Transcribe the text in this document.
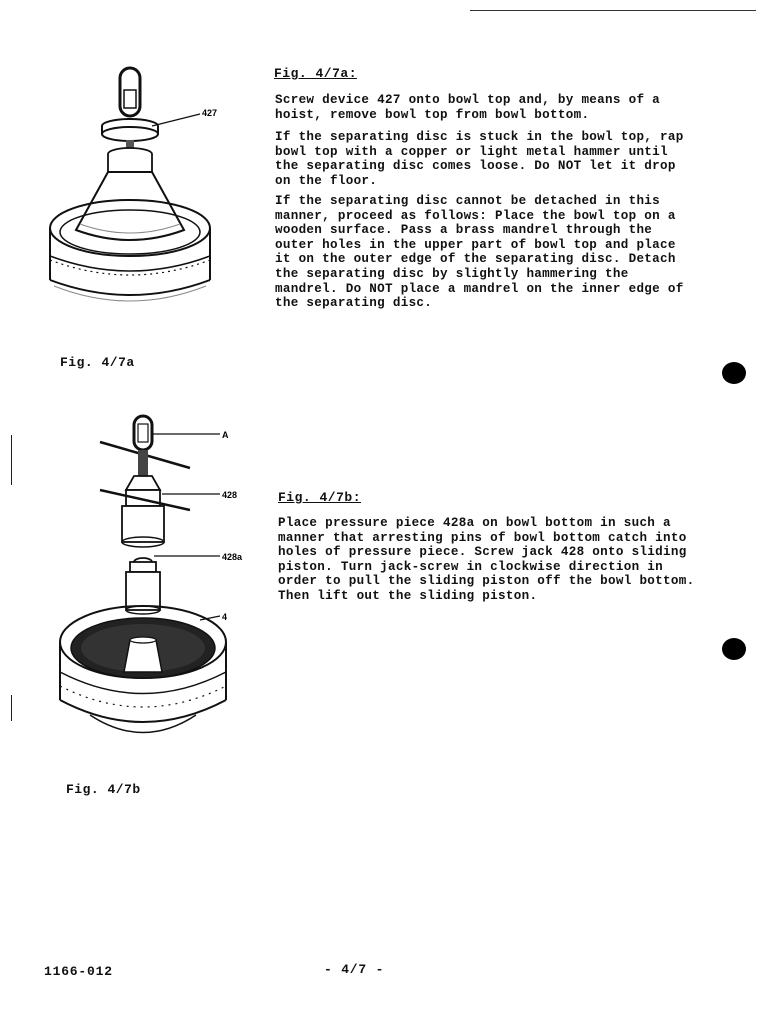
427
Fig. 4/7a:

Screw device 427 onto bowl top and, by means of a hoist, remove bowl top from bowl bottom.

If the separating disc is stuck in the bowl top, rap bowl top with a copper or light metal hammer until the separating disc comes loose. Do NOT let it drop on the floor.

If the separating disc cannot be detached in this manner, proceed as follows: Place the bowl top on a wooden surface. Pass a brass mandrel through the outer holes in the upper part of bowl top and place it on the outer edge of the separating disc. Detach the separating disc by slightly hammering the mandrel. Do NOT place a mandrel on the inner edge of the separating disc.

Fig. 4/7a
A
428
428a
4
Fig. 4/7b:

Place pressure piece 428a on bowl bottom in such a manner that arresting pins of bowl bottom catch into holes of pressure piece. Screw jack 428 onto sliding piston. Turn jack-screw in clockwise direction in order to pull the sliding piston off the bowl bottom. Then lift out the sliding piston.

Fig. 4/7b
1166-012	- 4/7 -
